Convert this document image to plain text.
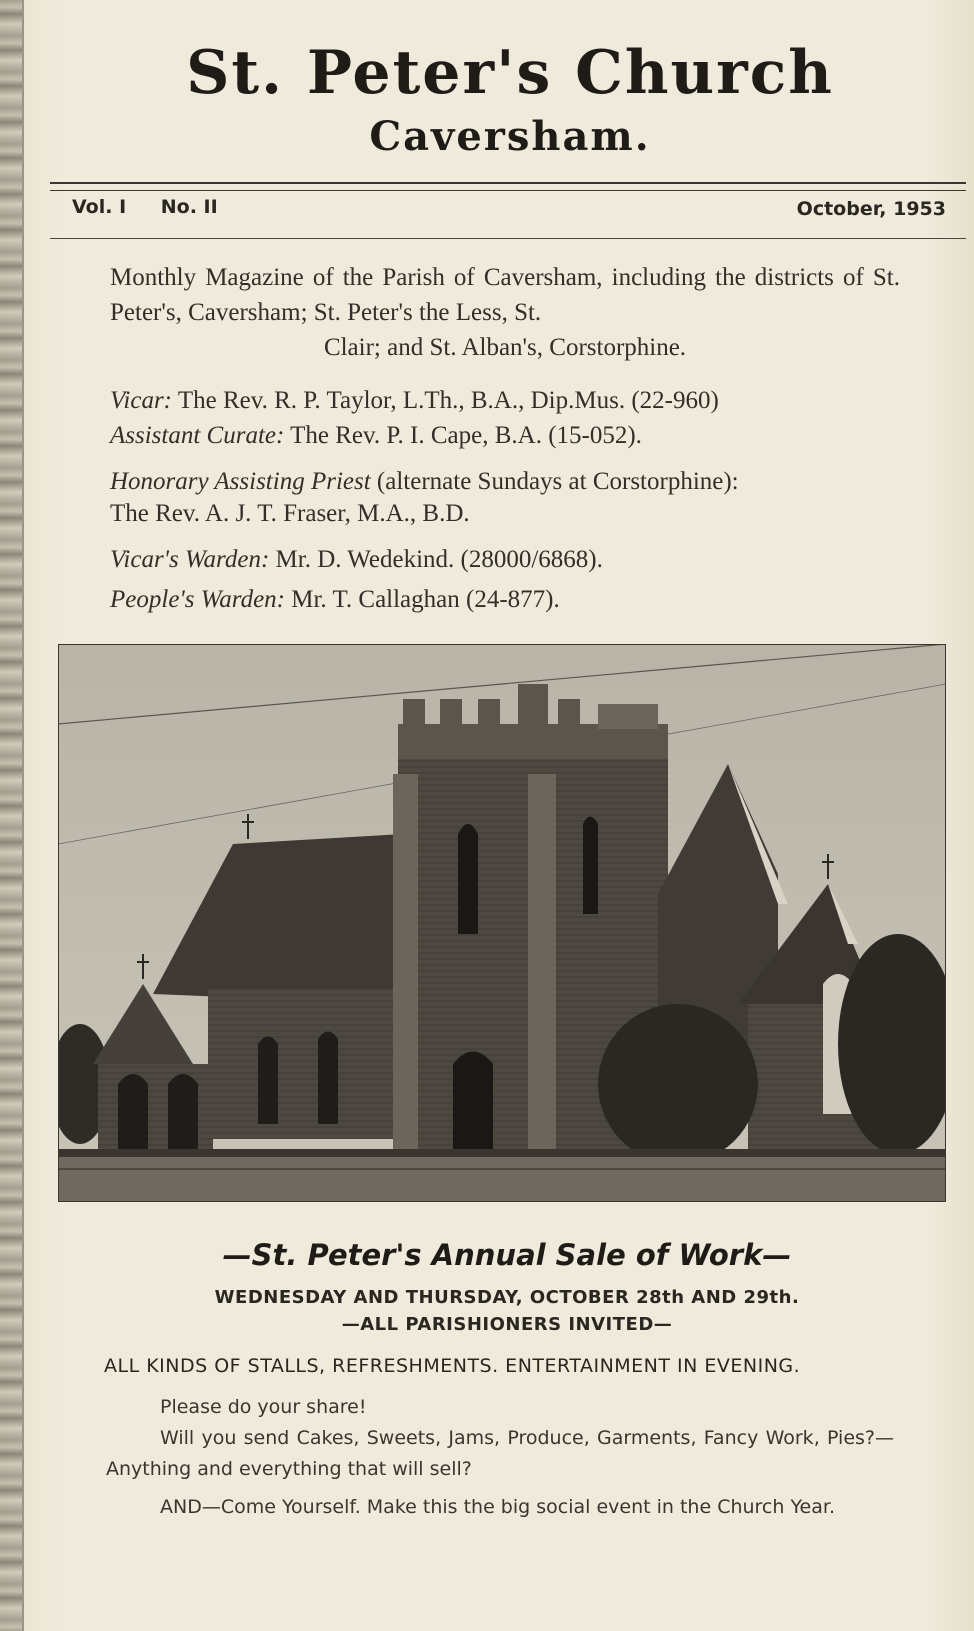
St. Peter's Church
Caversham.
Vol. I No. II	October, 1953
Monthly Magazine of the Parish of Caversham, including the districts of St. Peter's, Caversham; St. Peter's the Less, St.
Clair; and St. Alban's, Corstorphine.
Vicar: The Rev. R. P. Taylor, L.Th., B.A., Dip.Mus. (22-960)
Assistant Curate: The Rev. P. I. Cape, B.A. (15-052).
Honorary Assisting Priest (alternate Sundays at Corstorphine):
The Rev. A. J. T. Fraser, M.A., B.D.
Vicar's Warden: Mr. D. Wedekind. (28000/6868).
People's Warden: Mr. T. Callaghan (24-877).
—St. Peter's Annual Sale of Work—
WEDNESDAY AND THURSDAY, OCTOBER 28th AND 29th.
—ALL PARISHIONERS INVITED—
ALL KINDS OF STALLS, REFRESHMENTS. ENTERTAINMENT IN EVENING.
Please do your share!
Will you send Cakes, Sweets, Jams, Produce, Garments, Fancy Work, Pies?—Anything and everything that will sell?
AND—Come Yourself. Make this the big social event in the Church Year.
